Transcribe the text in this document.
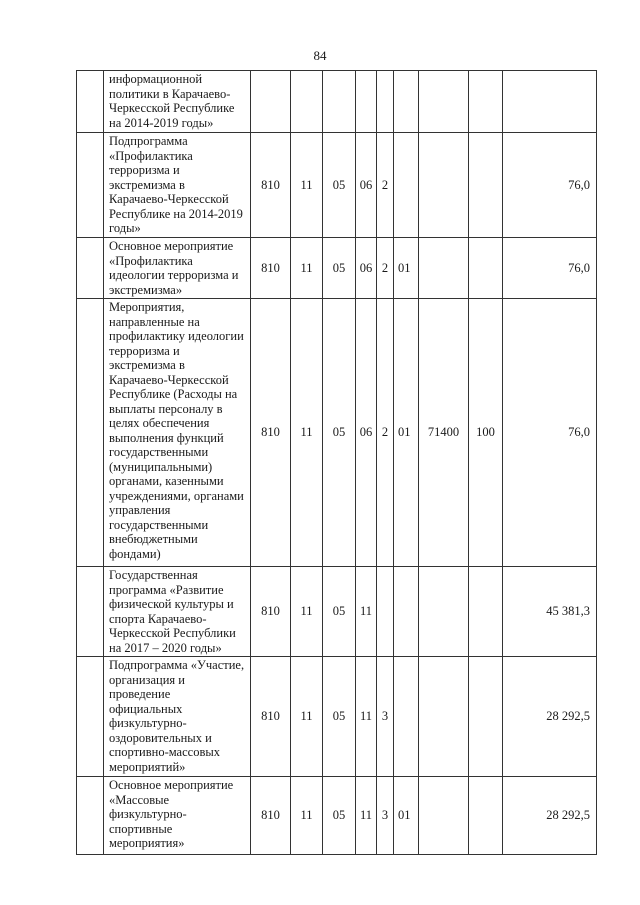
84
	информационной политики в Карачаево-Черкесской Республике на 2014-2019 годы»									
	Подпрограмма «Профилактика терроризма и экстремизма в Карачаево-Черкесской Республике на 2014-2019 годы»	810	11	05	06	2				76,0
	Основное мероприятие «Профилактика идеологии терроризма и экстремизма»	810	11	05	06	2	01			76,0
	Мероприятия, направленные на профилактику идеологии терроризма и экстремизма в Карачаево-Черкесской Республике (Расходы на выплаты персоналу в целях обеспечения выполнения функций государственными (муниципальными) органами, казенными учреждениями, органами управления государственными внебюджетными фондами)	810	11	05	06	2	01	71400	100	76,0
	Государственная программа «Развитие физической культуры и спорта Карачаево-Черкесской Республики на 2017 – 2020 годы»	810	11	05	11					45 381,3
	Подпрограмма «Участие, организация и проведение официальных физкультурно-оздоровительных и спортивно-массовых мероприятий»	810	11	05	11	3				28 292,5
	Основное мероприятие «Массовые физкультурно-спортивные мероприятия»	810	11	05	11	3	01			28 292,5
